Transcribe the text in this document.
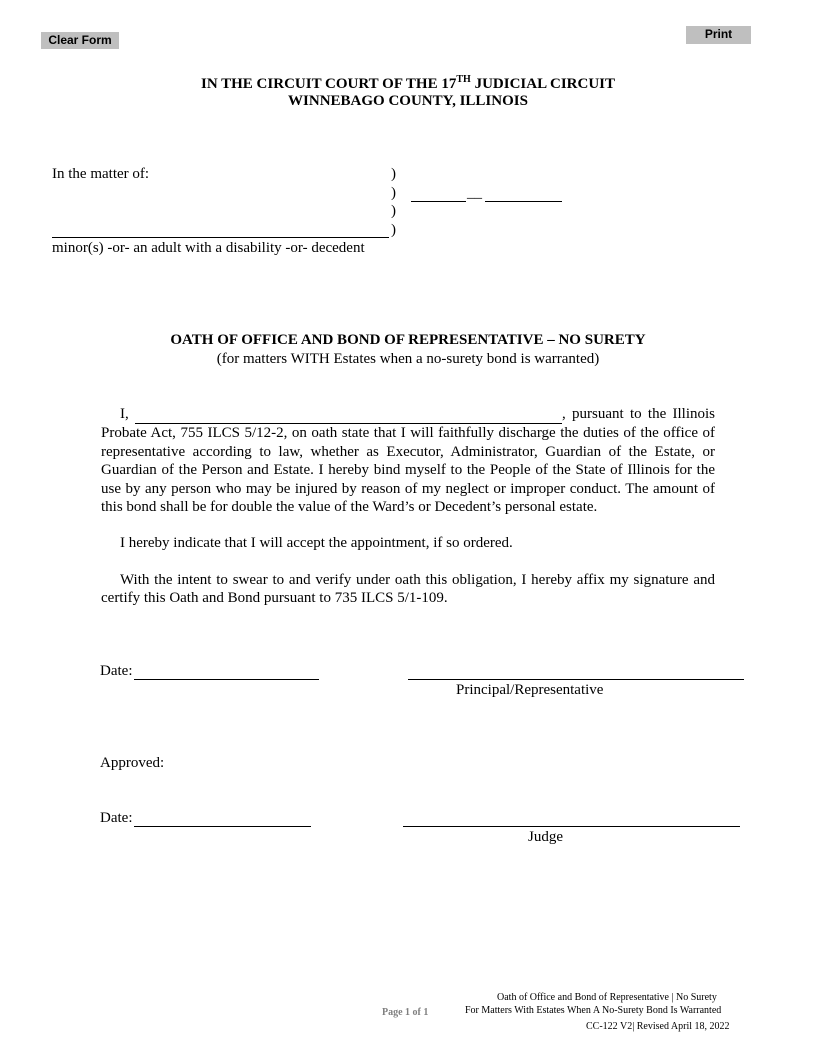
Clear Form	Print
IN THE CIRCUIT COURT OF THE 17TH JUDICIAL CIRCUIT
WINNEBAGO COUNTY, ILLINOIS
In the matter of:	)
)
)
)
__
minor(s) -or- an adult with a disability -or- decedent
OATH OF OFFICE AND BOND OF REPRESENTATIVE – NO SURETY
(for matters WITH Estates when a no-surety bond is warranted)
I,	, pursuant to the Illinois Probate Act, 755 ILCS 5/12-2, on oath state that I will faithfully discharge the duties of the office of representative according to law, whether as Executor, Administrator, Guardian of the Estate, or Guardian of the Person and Estate. I hereby bind myself to the People of the State of Illinois for the use by any person who may be injured by reason of my neglect or improper conduct. The amount of this bond shall be for double the value of the Ward’s or Decedent’s personal estate.
I hereby indicate that I will accept the appointment, if so ordered.
With the intent to swear to and verify under oath this obligation, I hereby affix my signature and certify this Oath and Bond pursuant to 735 ILCS 5/1-109.
Date:
Principal/Representative
Approved:
Date:
Judge
Page 1 of 1
Oath of Office and Bond of Representative | No Surety
For Matters With Estates When A No-Surety Bond Is Warranted
CC-122 V2| Revised April 18, 2022
